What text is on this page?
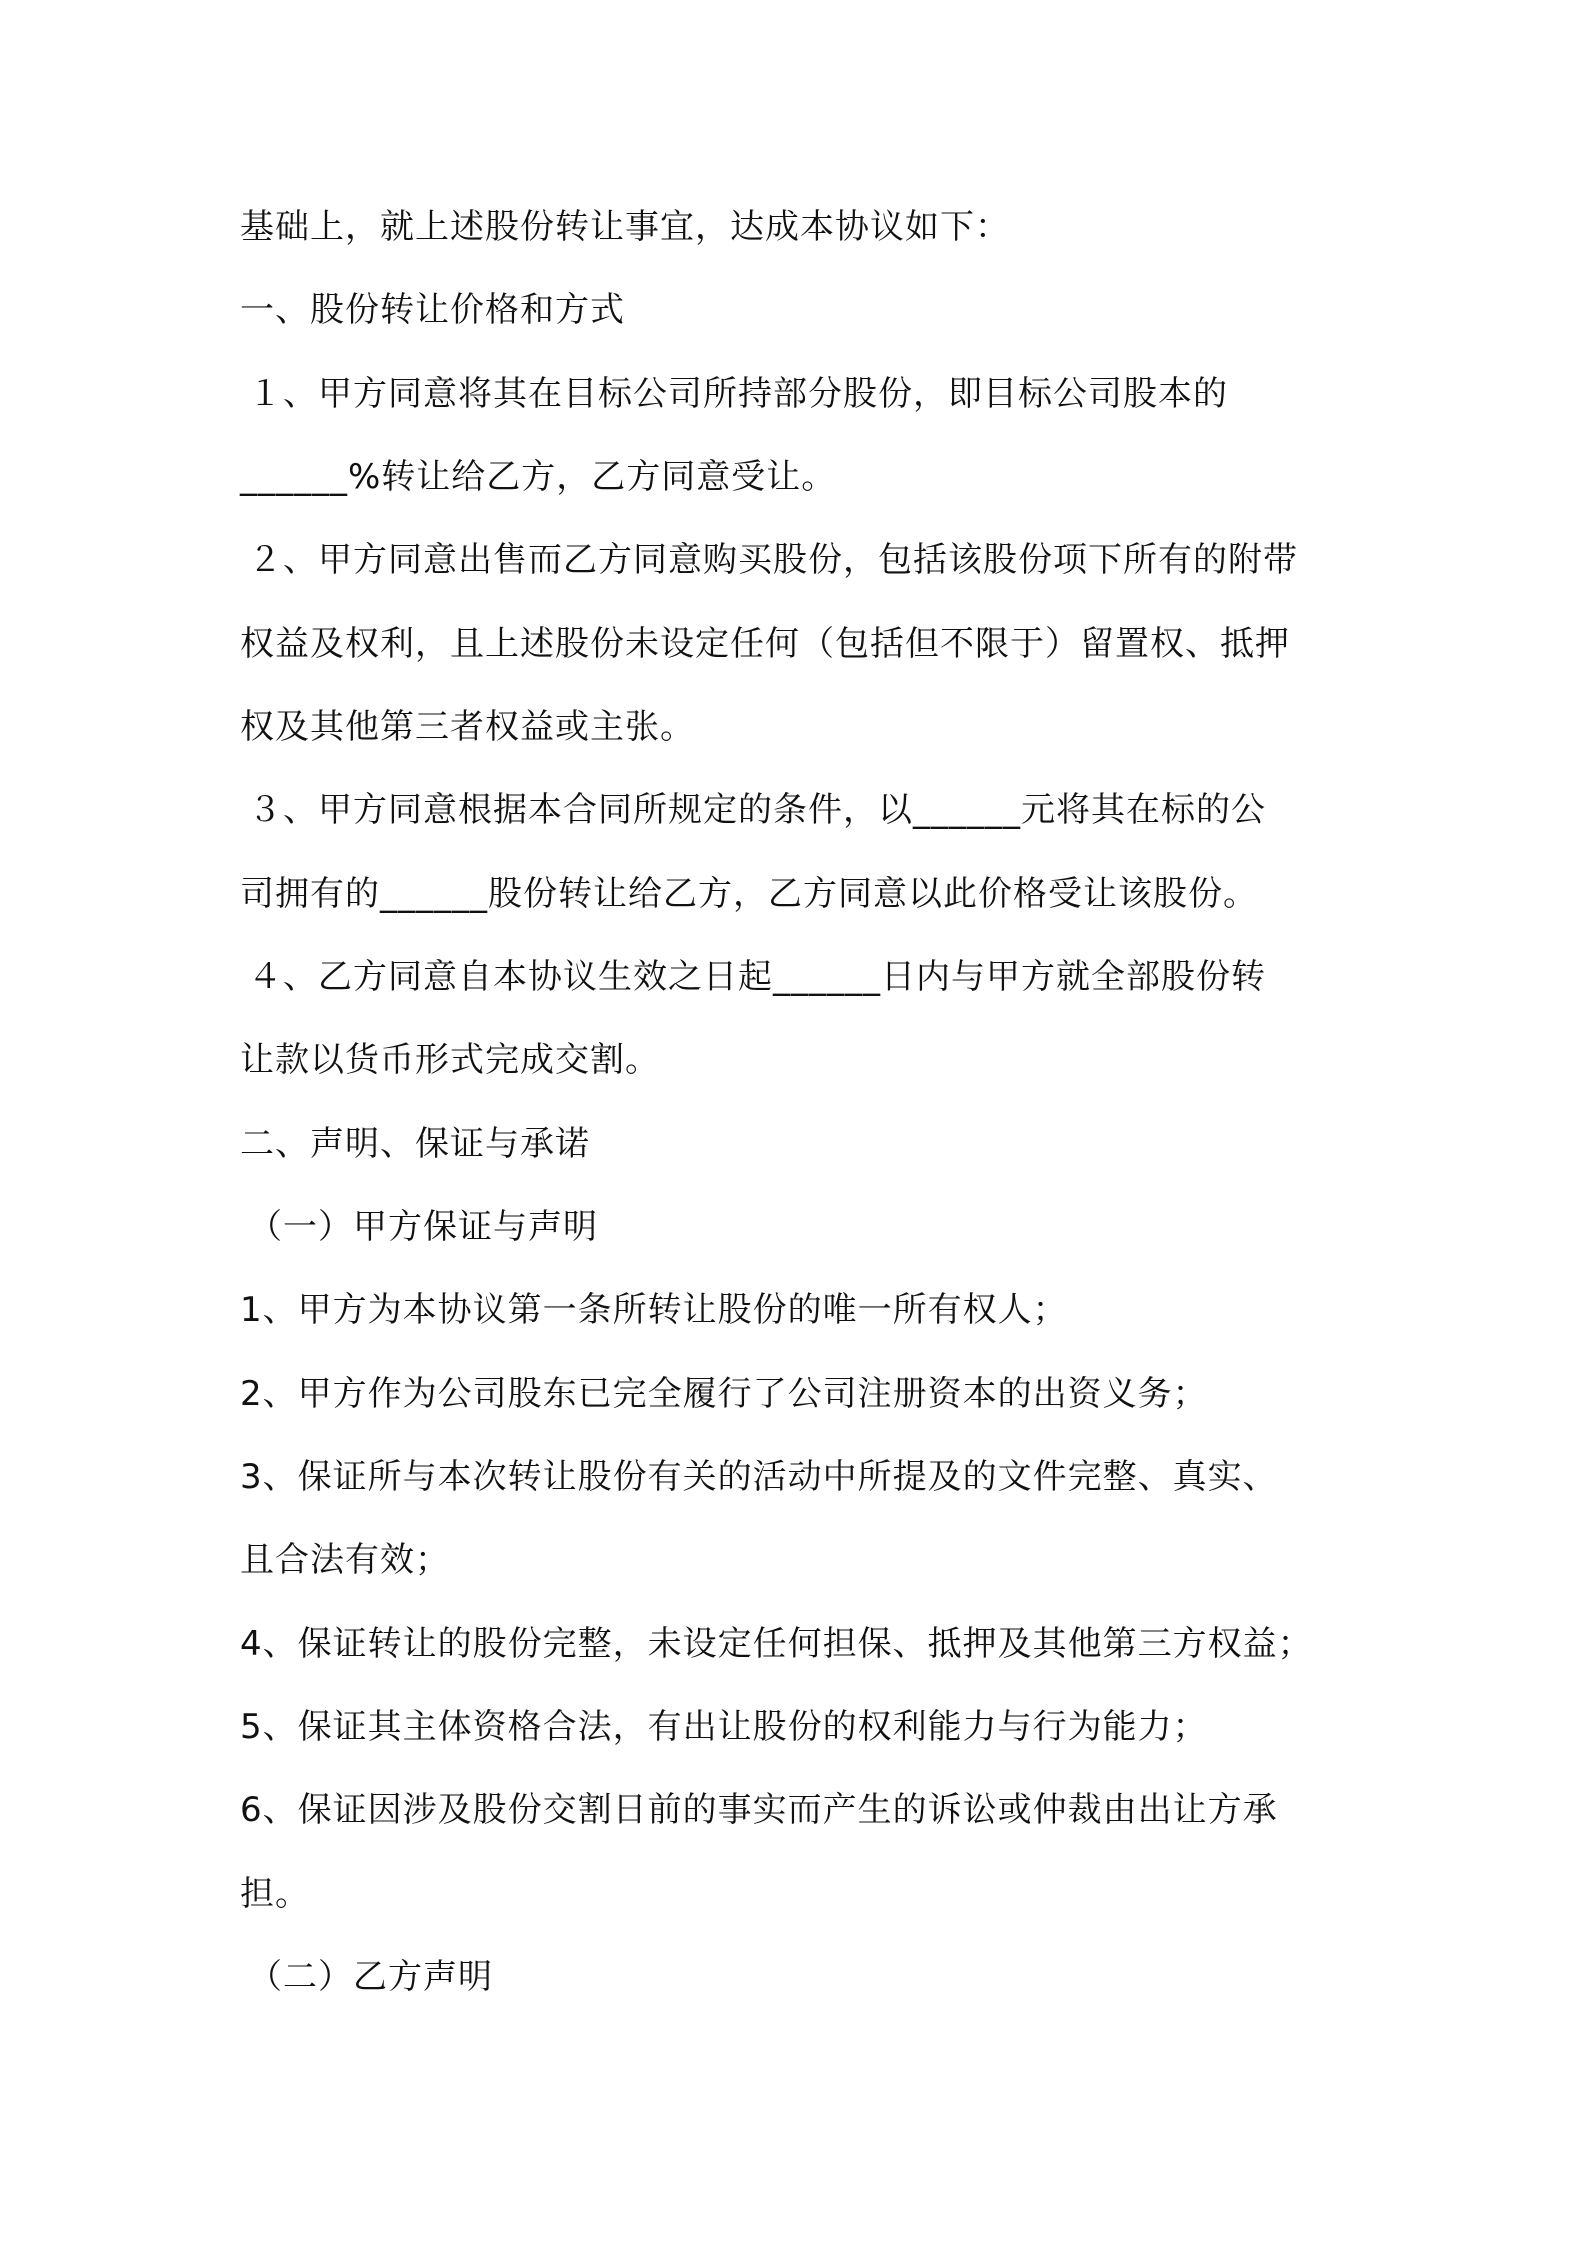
基础上，就上述股份转让事宜，达成本协议如下：
一、股份转让价格和方式
１、甲方同意将其在目标公司所持部分股份，即目标公司股本的
______%转让给乙方，乙方同意受让。
２、甲方同意出售而乙方同意购买股份，包括该股份项下所有的附带
权益及权利，且上述股份未设定任何（包括但不限于）留置权、抵押
权及其他第三者权益或主张。
３、甲方同意根据本合同所规定的条件，以______元将其在标的公
司拥有的______股份转让给乙方，乙方同意以此价格受让该股份。
４、乙方同意自本协议生效之日起______日内与甲方就全部股份转
让款以货币形式完成交割。
二、声明、保证与承诺
（一）甲方保证与声明
1、甲方为本协议第一条所转让股份的唯一所有权人；
2、甲方作为公司股东已完全履行了公司注册资本的出资义务；
3、保证所与本次转让股份有关的活动中所提及的文件完整、真实、
且合法有效；
4、保证转让的股份完整，未设定任何担保、抵押及其他第三方权益；
5、保证其主体资格合法，有出让股份的权利能力与行为能力；
6、保证因涉及股份交割日前的事实而产生的诉讼或仲裁由出让方承
担。
（二）乙方声明
